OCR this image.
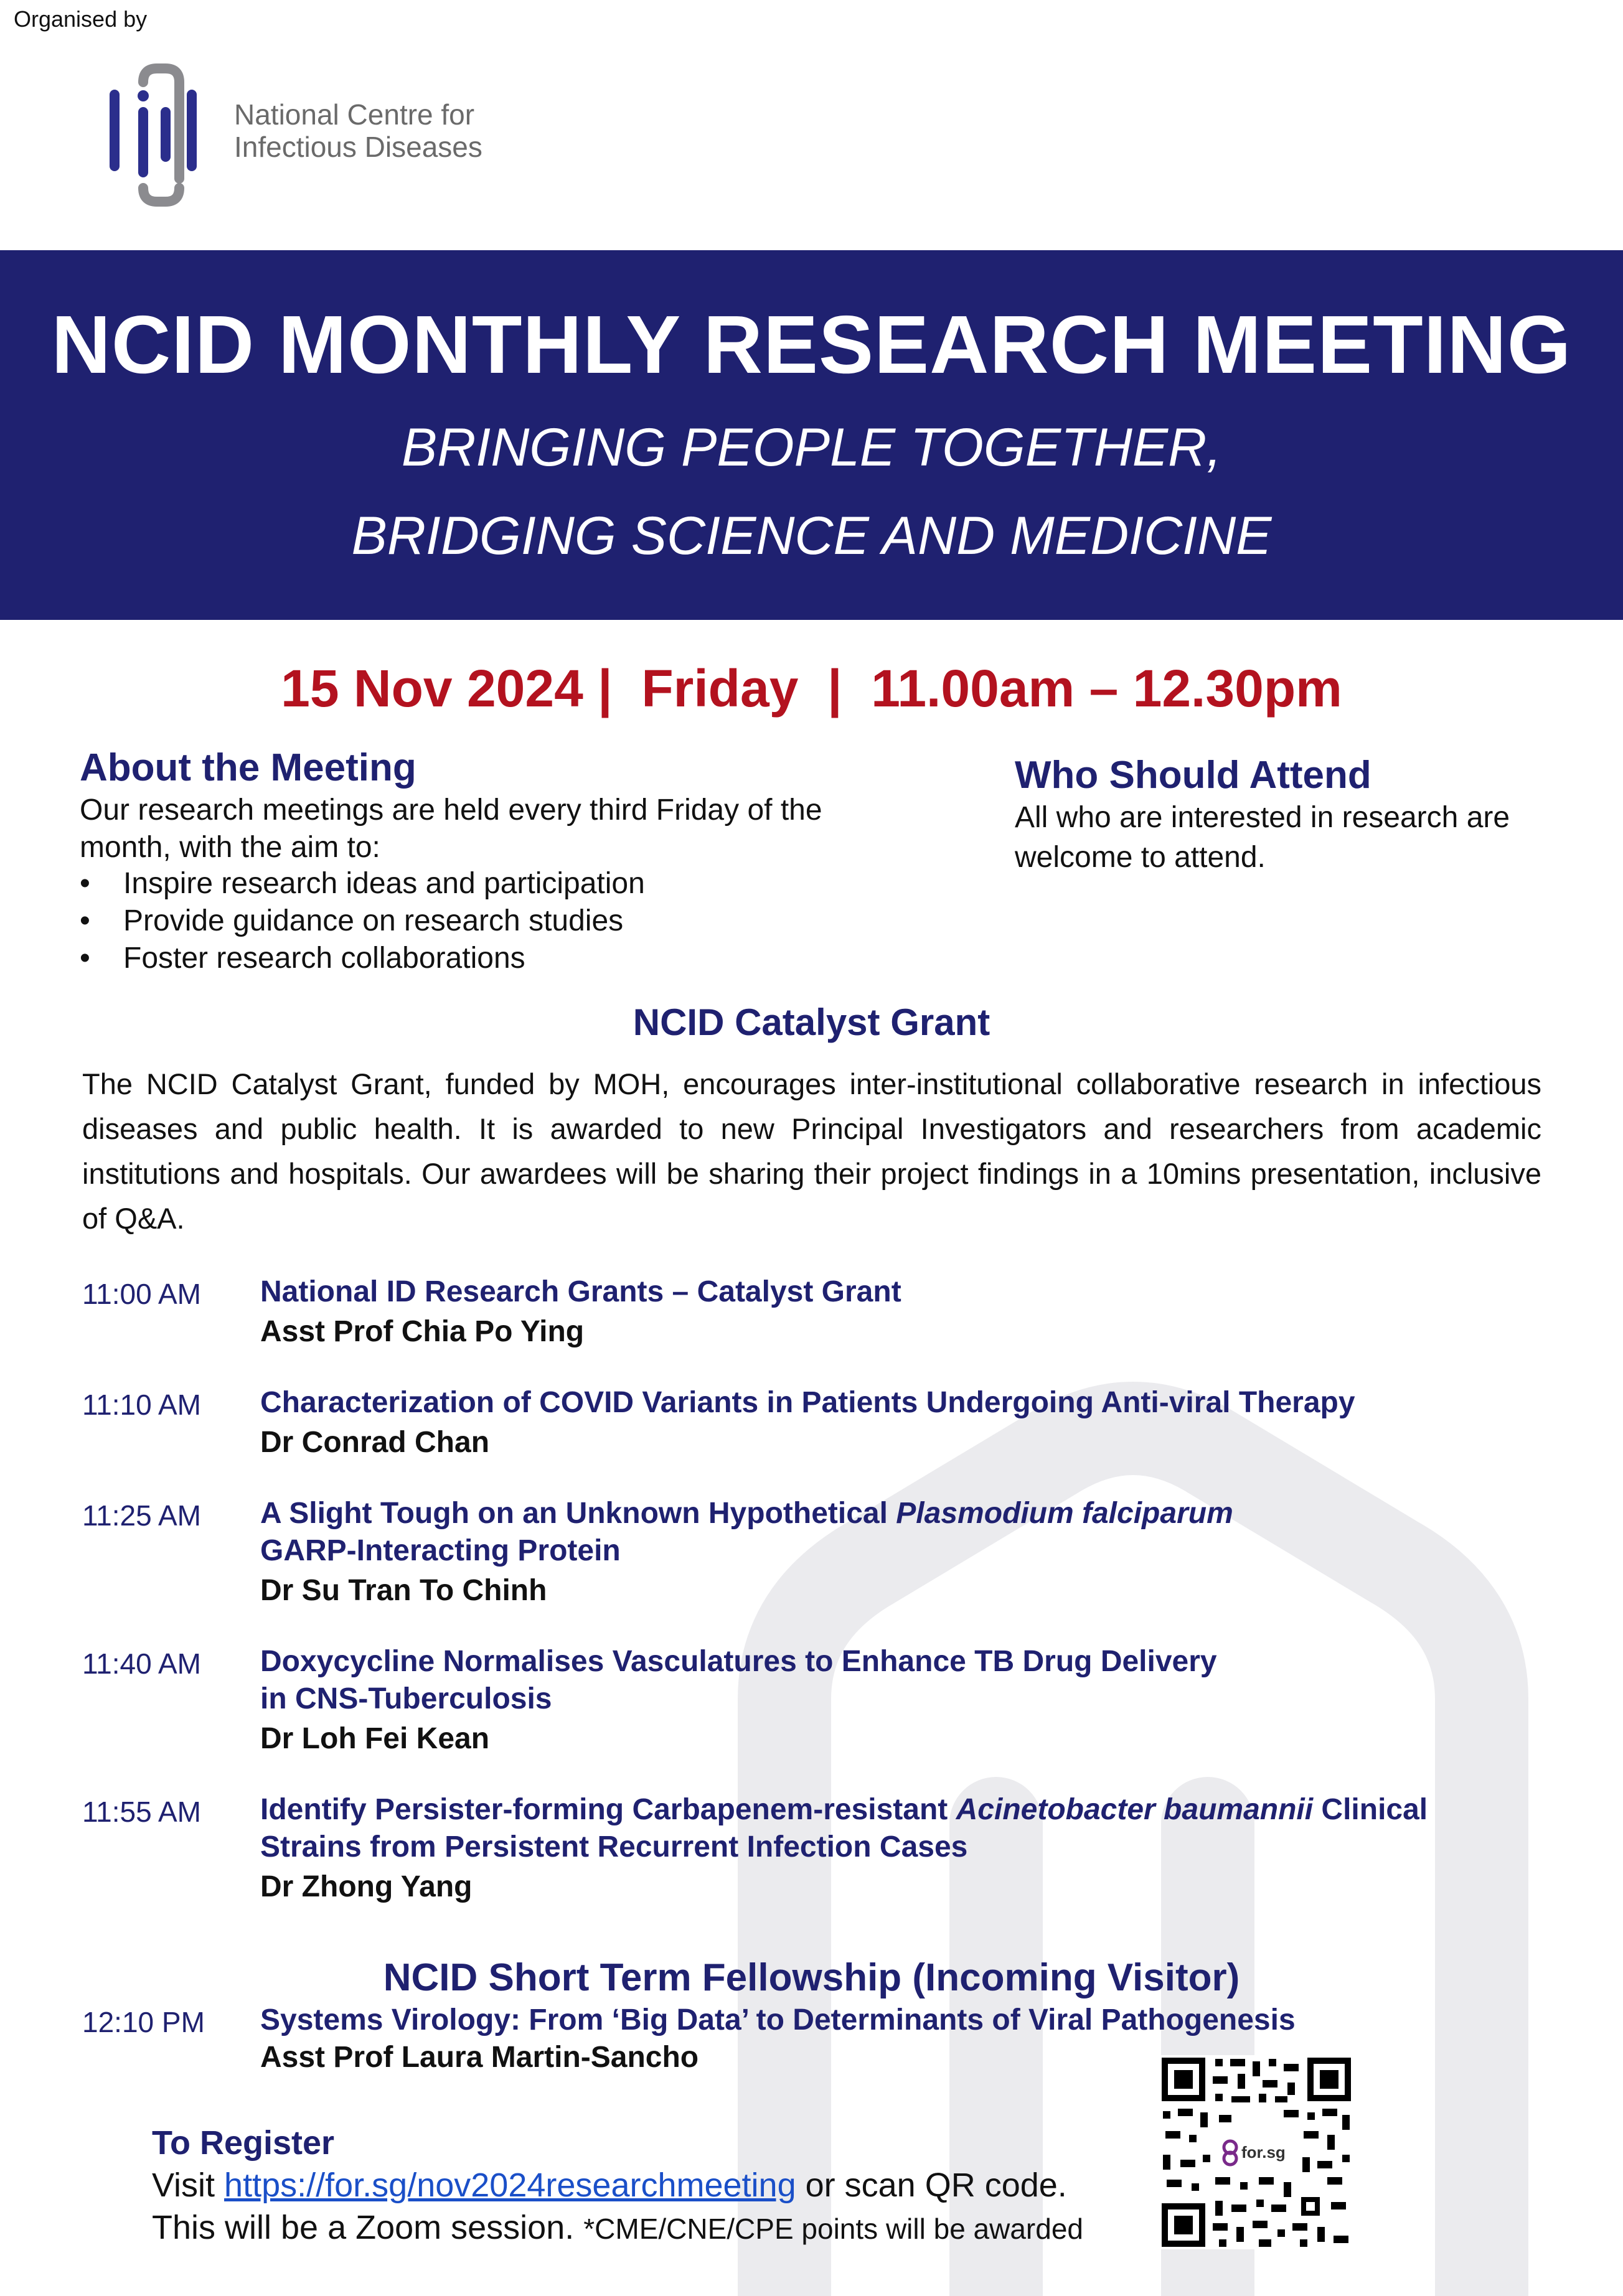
Organised by
National Centre for
Infectious Diseases
NCID MONTHLY RESEARCH MEETING
BRINGING PEOPLE TOGETHER,
BRIDGING SCIENCE AND MEDICINE
15 Nov 2024 |  Friday  |  11.00am – 12.30pm
About the Meeting
Our research meetings are held every third Friday of the month, with the aim to:
• Inspire research ideas and participation
• Provide guidance on research studies
• Foster research collaborations
Who Should Attend
All who are interested in research are welcome to attend.
NCID Catalyst Grant
The NCID Catalyst Grant, funded by MOH, encourages inter-institutional collaborative research in infectious diseases and public health. It is awarded to new Principal Investigators and researchers from academic institutions and hospitals. Our awardees will be sharing their project findings in a 10mins presentation, inclusive of Q&A.
11:00 AM National ID Research Grants – Catalyst Grant
Asst Prof Chia Po Ying
11:10 AM Characterization of COVID Variants in Patients Undergoing Anti-viral Therapy
Dr Conrad Chan
11:25 AM A Slight Tough on an Unknown Hypothetical Plasmodium falciparum
GARP-Interacting Protein
Dr Su Tran To Chinh
11:40 AM Doxycycline Normalises Vasculatures to Enhance TB Drug Delivery
in CNS-Tuberculosis
Dr Loh Fei Kean
11:55 AM Identify Persister-forming Carbapenem-resistant Acinetobacter baumannii Clinical
Strains from Persistent Recurrent Infection Cases
Dr Zhong Yang
NCID Short Term Fellowship (Incoming Visitor)
12:10 PM Systems Virology: From ‘Big Data’ to Determinants of Viral Pathogenesis
Asst Prof Laura Martin-Sancho
To Register
Visit https://for.sg/nov2024researchmeeting or scan QR code.
This will be a Zoom session. *CME/CNE/CPE points will be awarded
for.sg
